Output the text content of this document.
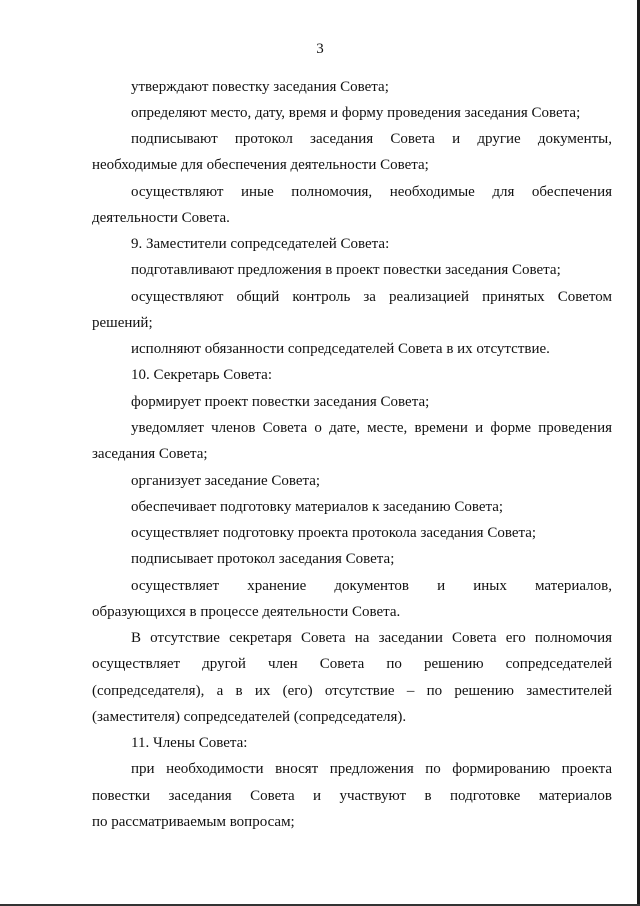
3
утверждают повестку заседания Совета;
определяют место, дату, время и форму проведения заседания Совета;
подписывают протокол заседания Совета и другие документы,
необходимые для обеспечения деятельности Совета;
осуществляют иные полномочия, необходимые для обеспечения
деятельности Совета.
9. Заместители сопредседателей Совета:
подготавливают предложения в проект повестки заседания Совета;
осуществляют общий контроль за реализацией принятых Советом
решений;
исполняют обязанности сопредседателей Совета в их отсутствие.
10. Секретарь Совета:
формирует проект повестки заседания Совета;
уведомляет членов Совета о дате, месте, времени и форме проведения
заседания Совета;
организует заседание Совета;
обеспечивает подготовку материалов к заседанию Совета;
осуществляет подготовку проекта протокола заседания Совета;
подписывает протокол заседания Совета;
осуществляет хранение документов и иных материалов,
образующихся в процессе деятельности Совета.
В отсутствие секретаря Совета на заседании Совета его полномочия
осуществляет другой член Совета по решению сопредседателей
(сопредседателя), а в их (его) отсутствие – по решению заместителей
(заместителя) сопредседателей (сопредседателя).
11. Члены Совета:
при необходимости вносят предложения по формированию проекта
повестки заседания Совета и участвуют в подготовке материалов
по рассматриваемым вопросам;
